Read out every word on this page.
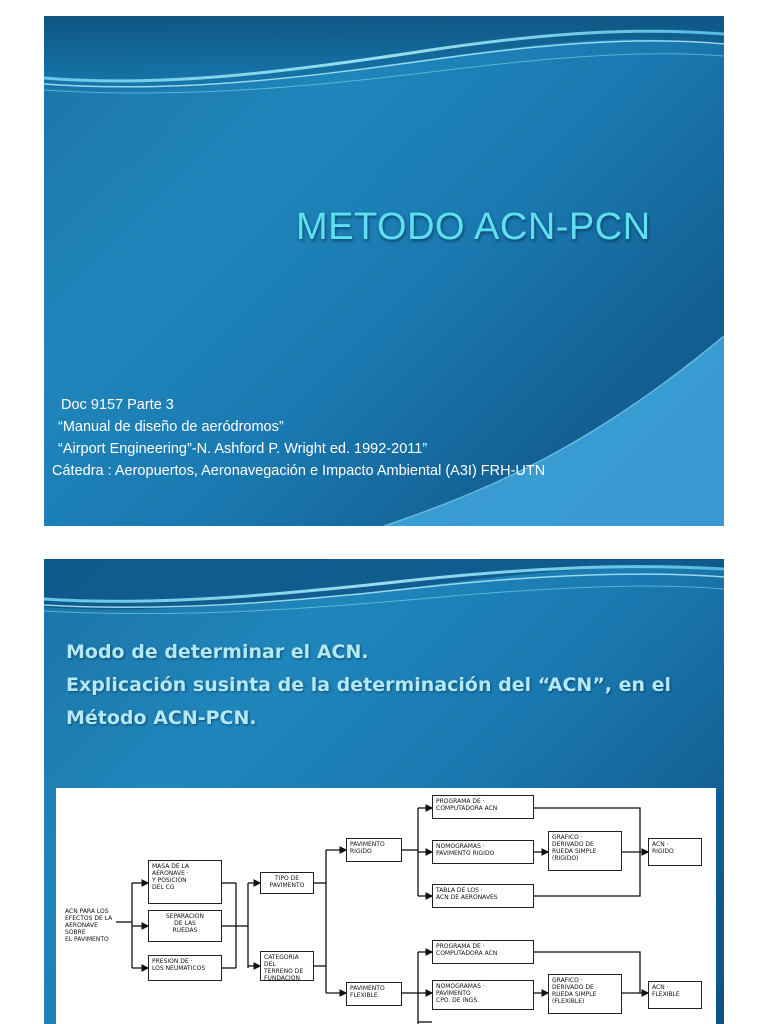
METODO ACN-PCN
Doc 9157 Parte 3
“Manual de diseño de aeródromos”
“Airport Engineering”-N. Ashford P. Wright ed. 1992-2011”
Cátedra : Aeropuertos, Aeronavegación e Impacto Ambiental (A3I) FRH-UTN
Modo de determinar el ACN.
Explicación susinta de la determinación del “ACN”, en el
Método ACN-PCN.
ACN PARA LOS
EFECTOS DE LA
AERONAVE SOBRE
EL PAVIMENTO
MASA DE LA
AERONAVE ·
Y POSICION
DEL CG
SEPARACION
DE LAS
RUEDAS
PRESION DE ·
LOS NEUMATICOS
TIPO DE
PAVIMENTO
CATEGORIA DEL
TERRENO DE
FUNDACION
PAVIMENTO
RIGIDO
PAVIMENTO
FLEXIBLE
PROGRAMA DE ·
COMPUTADORA ACN
NOMOGRAMAS ·
PAVIMENTO RIGIDO
TABLA DE LOS ·
ACN DE AERONAVES
GRAFICO ·
DERIVADO DE
RUEDA SIMPLE
(RIGIDO)
ACN ·
RIGIDO
PROGRAMA DE ·
COMPUTADORA ACN
NOMOGRAMAS ·
PAVIMENTO
CPO. DE INGS.
GRAFICO ·
DERIVADO DE
RUEDA SIMPLE
(FLEXIBLE)
ACN ·
FLEXIBLE
